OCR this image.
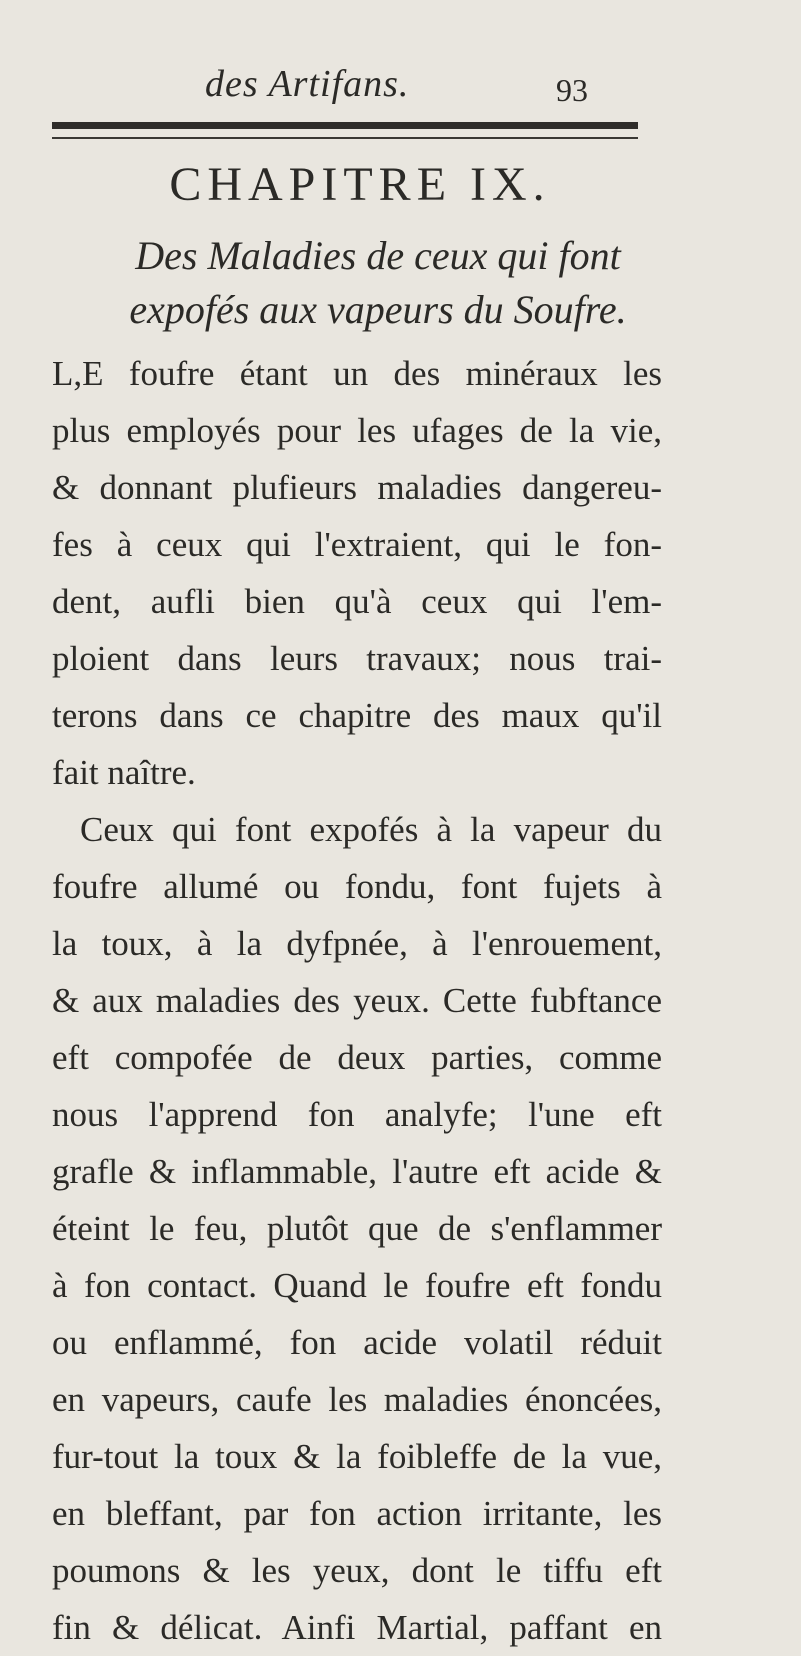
des Artifans.	93
CHAPITRE IX.
Des Maladies de ceux qui font
expofés aux vapeurs du Soufre.
L,E foufre étant un des minéraux les
plus employés pour les ufages de la vie,
& donnant plufieurs maladies dangereu-
fes à ceux qui l'extraient, qui le fon-
dent, aufli bien qu'à ceux qui l'em-
ploient dans leurs travaux; nous trai-
terons dans ce chapitre des maux qu'il
fait naître.
Ceux qui font expofés à la vapeur du
foufre allumé ou fondu, font fujets à
la toux, à la dyfpnée, à l'enrouement,
& aux maladies des yeux. Cette fubftance
eft compofée de deux parties, comme
nous l'apprend fon analyfe; l'une eft
grafle & inflammable, l'autre eft acide &
éteint le feu, plutôt que de s'enflammer
à fon contact. Quand le foufre eft fondu
ou enflammé, fon acide volatil réduit
en vapeurs, caufe les maladies énoncées,
fur-tout la toux & la foibleffe de la vue,
en bleffant, par fon action irritante, les
poumons & les yeux, dont le tiffu eft
fin & délicat. Ainfi Martial, paffant en
